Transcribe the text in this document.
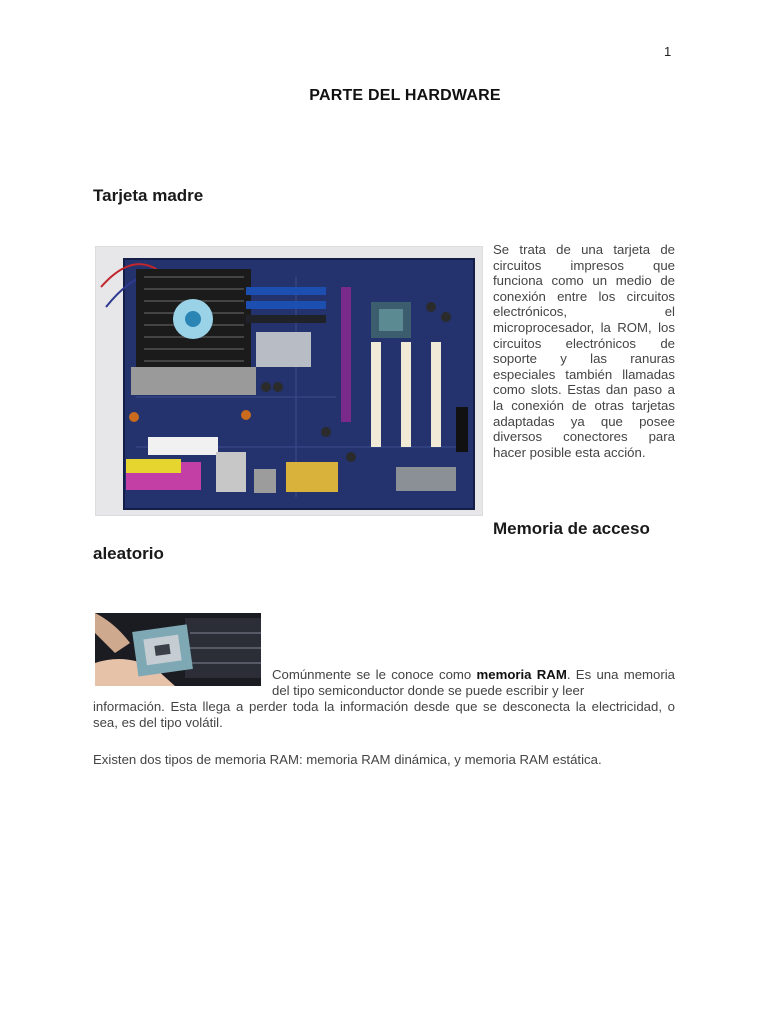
1
PARTE DEL HARDWARE
Tarjeta madre

Se trata de una tarjeta de circuitos impresos que funciona como un medio de conexión entre los circuitos electrónicos, el microprocesador, la ROM, los circuitos electrónicos de soporte y las ranuras especiales también llamadas como slots. Estas dan paso a la conexión de otras tarjetas adaptadas ya que posee diversos conectores para hacer posible esta acción.

Memoria de acceso
aleatorio

Comúnmente se le conoce como memoria RAM. Es una memoria del tipo semiconductor donde se puede escribir y leer

información. Esta llega a perder toda la información desde que se desconecta la electricidad, o sea, es del tipo volátil.

Existen dos tipos de memoria RAM: memoria RAM dinámica, y memoria RAM estática.
